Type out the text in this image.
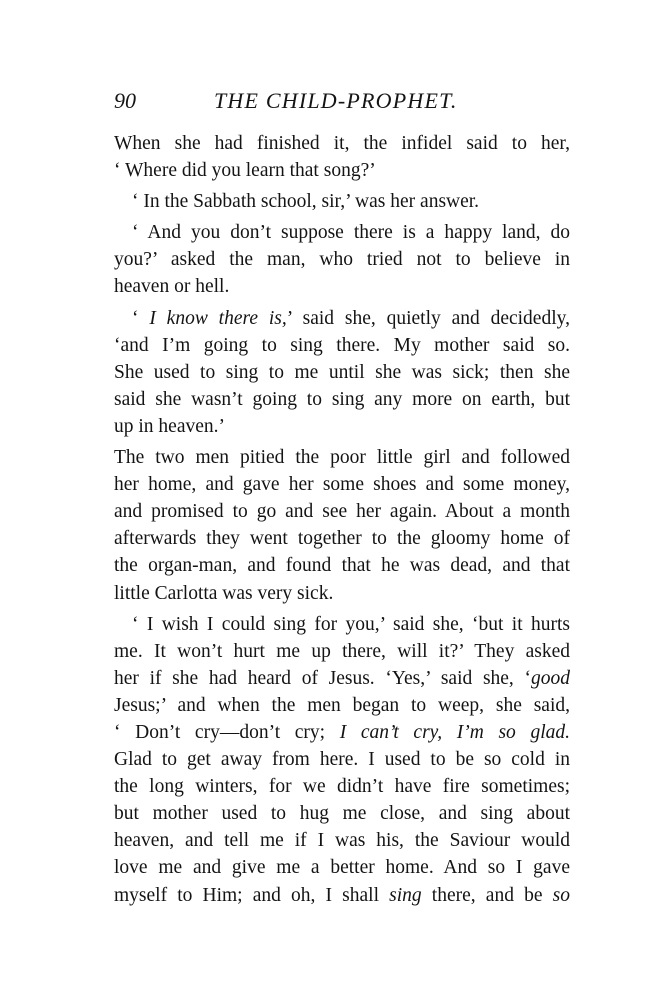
90	THE CHILD-PROPHET.
When she had finished it, the infidel said to her,
‘ Where did you learn that song?’
‘ In the Sabbath school, sir,’ was her answer.
‘ And you don’t suppose there is a happy land, do
you?’ asked the man, who tried not to believe in
heaven or hell.
‘ I know there is,’ said she, quietly and decidedly,
‘and I’m going to sing there. My mother said so.
She used to sing to me until she was sick; then she
said she wasn’t going to sing any more on earth, but
up in heaven.’
The two men pitied the poor little girl and followed
her home, and gave her some shoes and some money,
and promised to go and see her again. About a month
afterwards they went together to the gloomy home of
the organ-man, and found that he was dead, and that
little Carlotta was very sick.
‘ I wish I could sing for you,’ said she, ‘but it hurts
me. It won’t hurt me up there, will it?’ They asked
her if she had heard of Jesus. ‘Yes,’ said she, ‘good
Jesus;’ and when the men began to weep, she said,
‘ Don’t cry—don’t cry; I can’t cry, I’m so glad.
Glad to get away from here. I used to be so cold in
the long winters, for we didn’t have fire sometimes;
but mother used to hug me close, and sing about
heaven, and tell me if I was his, the Saviour would
love me and give me a better home. And so I gave
myself to Him; and oh, I shall sing there, and be so
